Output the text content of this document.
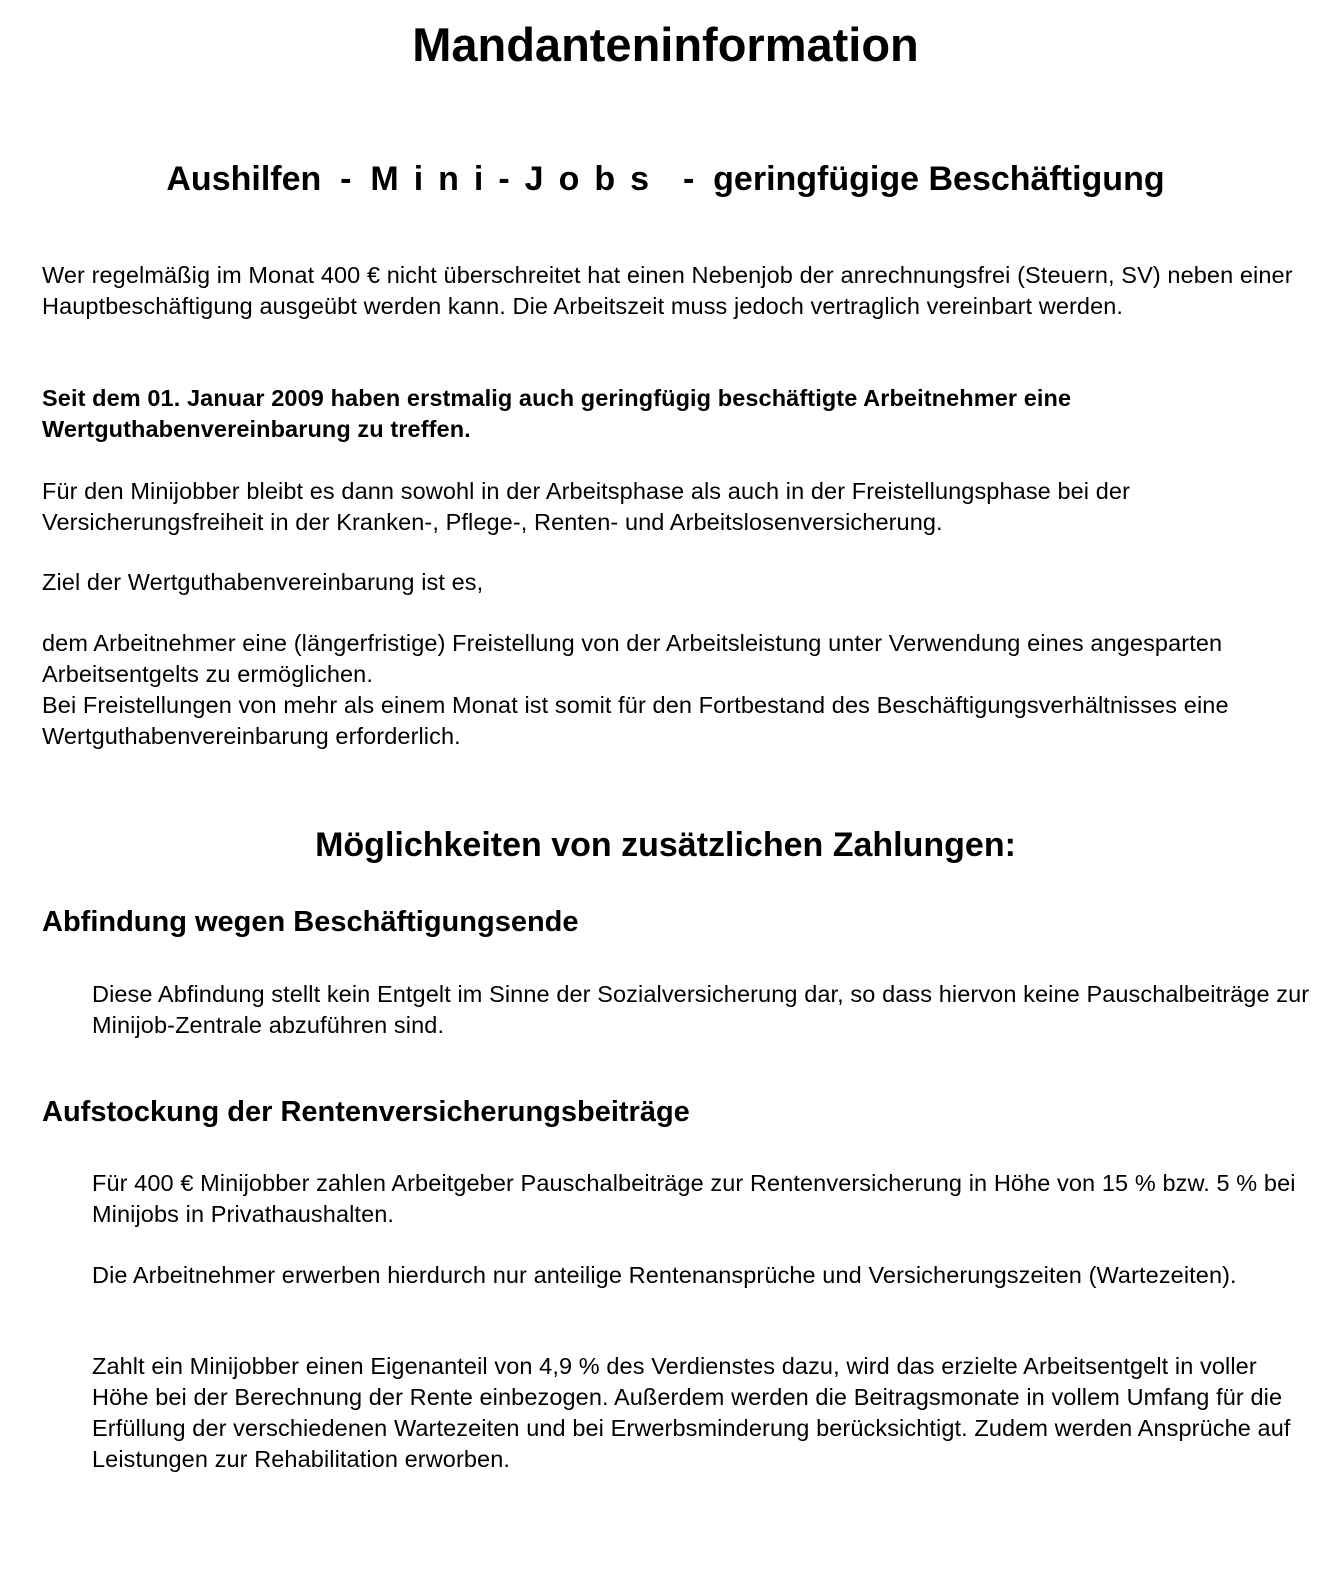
Mandanteninformation
Aushilfen  -  Mini-Jobs  -  geringfügige Beschäftigung

Wer regelmäßig im Monat 400 € nicht überschreitet hat einen Nebenjob der anrechnungsfrei (Steuern, SV) neben einer Hauptbeschäftigung ausgeübt werden kann. Die Arbeitszeit muss jedoch vertraglich vereinbart werden.

Seit dem 01. Januar 2009 haben erstmalig auch geringfügig beschäftigte Arbeitnehmer eine Wertguthabenvereinbarung zu treffen.

Für den Minijobber bleibt es dann sowohl in der Arbeitsphase als auch in der Freistellungsphase bei der Versicherungsfreiheit in der Kranken-, Pflege-, Renten- und Arbeitslosenversicherung.

Ziel der Wertguthabenvereinbarung ist es,

dem Arbeitnehmer eine (längerfristige) Freistellung von der Arbeitsleistung unter Verwendung eines angesparten Arbeitsentgelts zu ermöglichen.

Bei Freistellungen von mehr als einem Monat ist somit für den Fortbestand des Beschäftigungsverhältnisses eine Wertguthabenvereinbarung erforderlich.

Möglichkeiten von zusätzlichen Zahlungen:
Abfindung wegen Beschäftigungsende

Diese Abfindung stellt kein Entgelt im Sinne der Sozialversicherung dar, so dass hiervon keine Pauschalbeiträge zur Minijob-Zentrale abzuführen sind.

Aufstockung der Rentenversicherungsbeiträge

Für 400 € Minijobber zahlen Arbeitgeber Pauschalbeiträge zur Rentenversicherung in Höhe von 15 % bzw. 5 % bei Minijobs in Privathaushalten.

Die Arbeitnehmer erwerben hierdurch nur anteilige Rentenansprüche und Versicherungszeiten (Wartezeiten).

Zahlt ein Minijobber einen Eigenanteil von 4,9 % des Verdienstes dazu, wird das erzielte Arbeitsentgelt in voller Höhe bei der Berechnung der Rente einbezogen. Außerdem werden die Beitragsmonate in vollem Umfang für die Erfüllung der verschiedenen Wartezeiten und bei Erwerbsminderung berücksichtigt. Zudem werden Ansprüche auf Leistungen zur Rehabilitation erworben.
